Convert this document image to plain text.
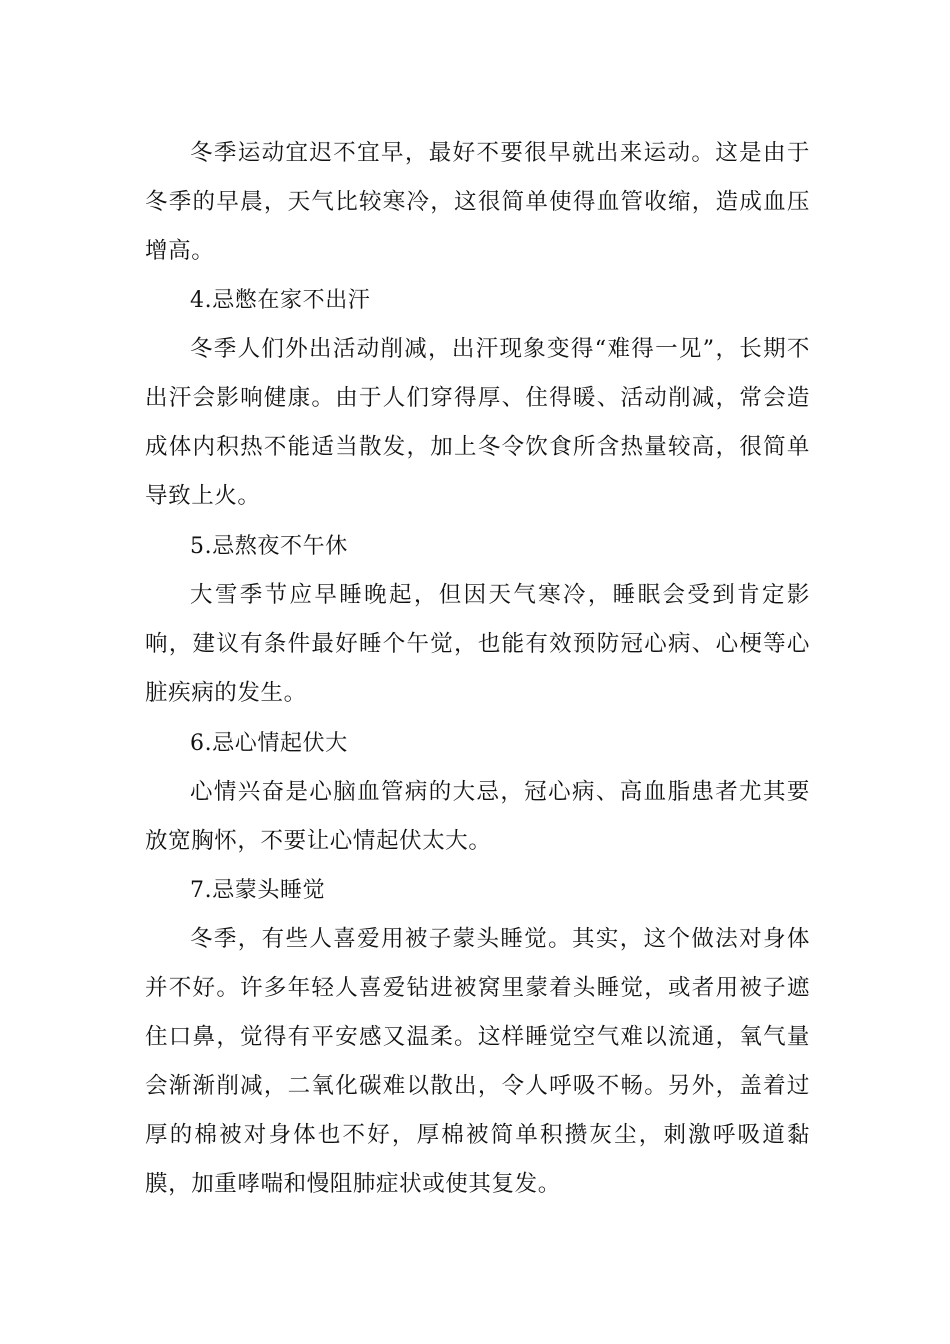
冬季运动宜迟不宜早，最好不要很早就出来运动。这是由于冬季的早晨，天气比较寒冷，这很简单使得血管收缩，造成血压增高。

4.忌憋在家不出汗

冬季人们外出活动削减，出汗现象变得“难得一见”，长期不出汗会影响健康。由于人们穿得厚、住得暖、活动削减，常会造成体内积热不能适当散发，加上冬令饮食所含热量较高，很简单导致上火。

5.忌熬夜不午休

大雪季节应早睡晚起，但因天气寒冷，睡眠会受到肯定影响，建议有条件最好睡个午觉，也能有效预防冠心病、心梗等心脏疾病的发生。

6.忌心情起伏大

心情兴奋是心脑血管病的大忌，冠心病、高血脂患者尤其要放宽胸怀，不要让心情起伏太大。

7.忌蒙头睡觉

冬季，有些人喜爱用被子蒙头睡觉。其实，这个做法对身体并不好。许多年轻人喜爱钻进被窝里蒙着头睡觉，或者用被子遮住口鼻，觉得有平安感又温柔。这样睡觉空气难以流通，氧气量会渐渐削减，二氧化碳难以散出，令人呼吸不畅。另外，盖着过厚的棉被对身体也不好，厚棉被简单积攒灰尘，刺激呼吸道黏膜，加重哮喘和慢阻肺症状或使其复发。
